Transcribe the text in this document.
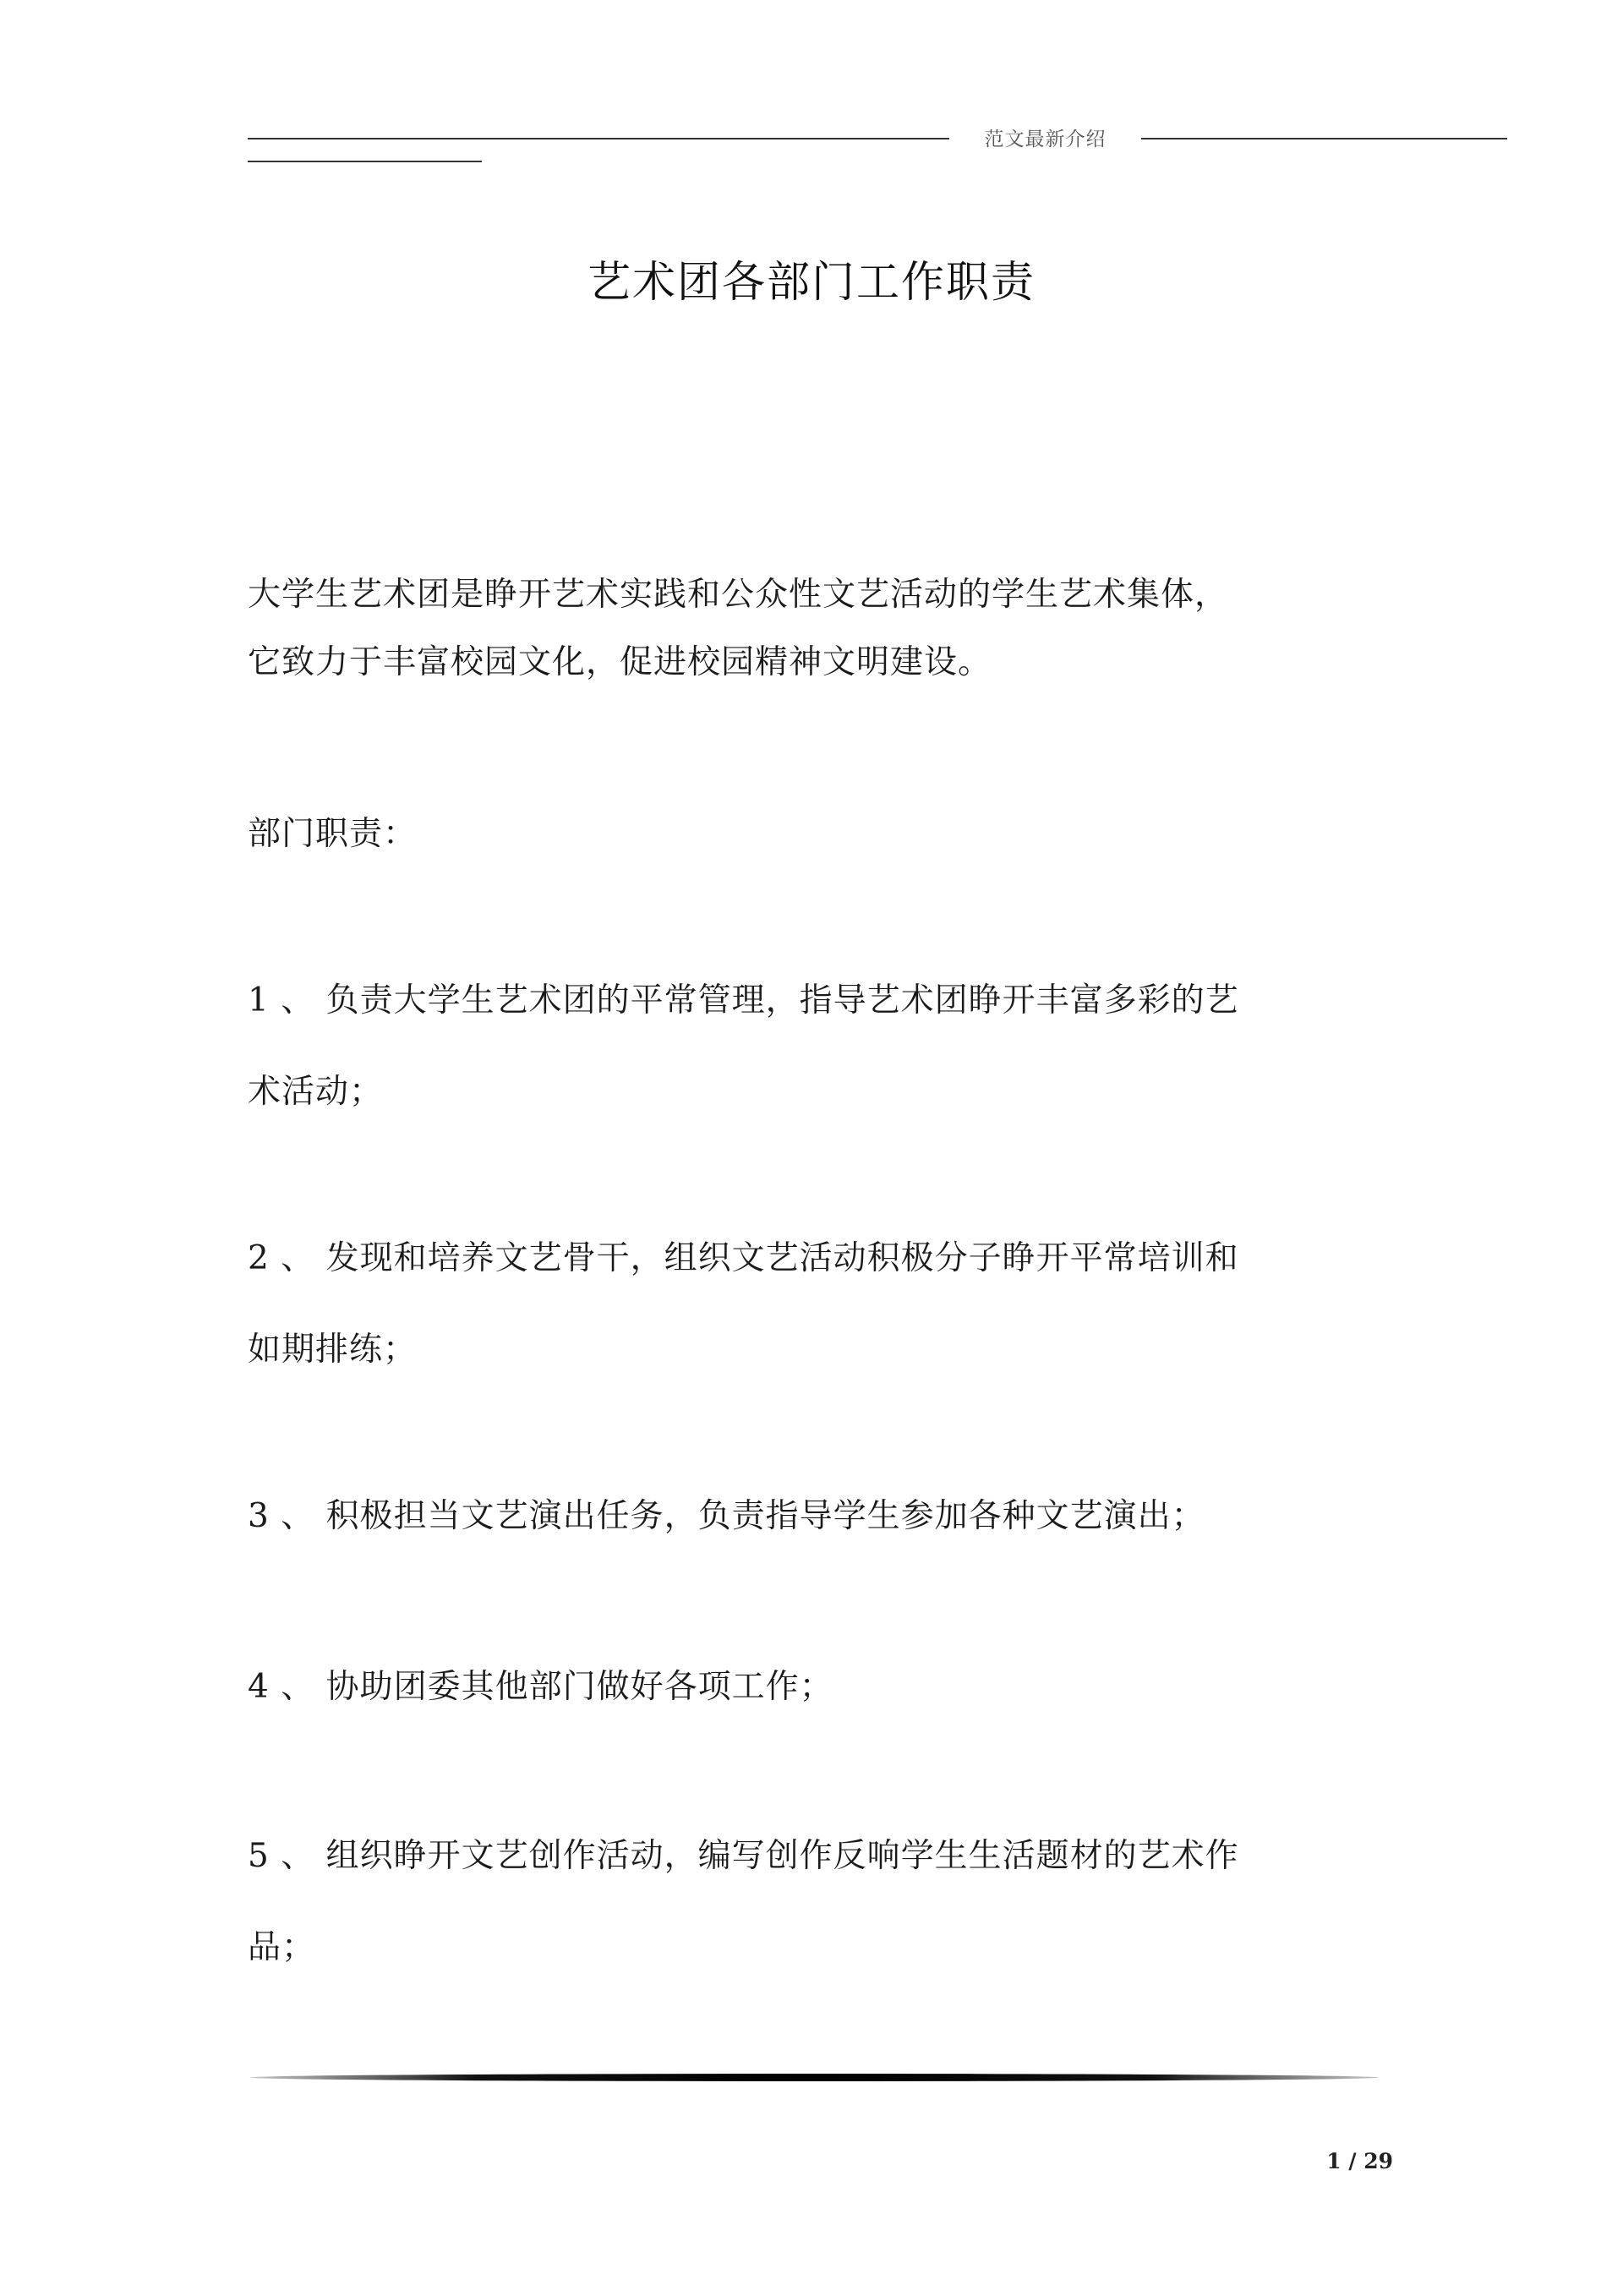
范文最新介绍
艺术团各部门工作职责
大学生艺术团是睁开艺术实践和公众性文艺活动的学生艺术集体，
它致力于丰富校园文化，促进校园精神文明建设。
部门职责：
1 、 负责大学生艺术团的平常管理，指导艺术团睁开丰富多彩的艺
术活动；
2 、 发现和培养文艺骨干，组织文艺活动积极分子睁开平常培训和
如期排练；
3 、 积极担当文艺演出任务，负责指导学生参加各种文艺演出；
4 、 协助团委其他部门做好各项工作；
5 、 组织睁开文艺创作活动，编写创作反响学生生活题材的艺术作
品；
1 / 29
